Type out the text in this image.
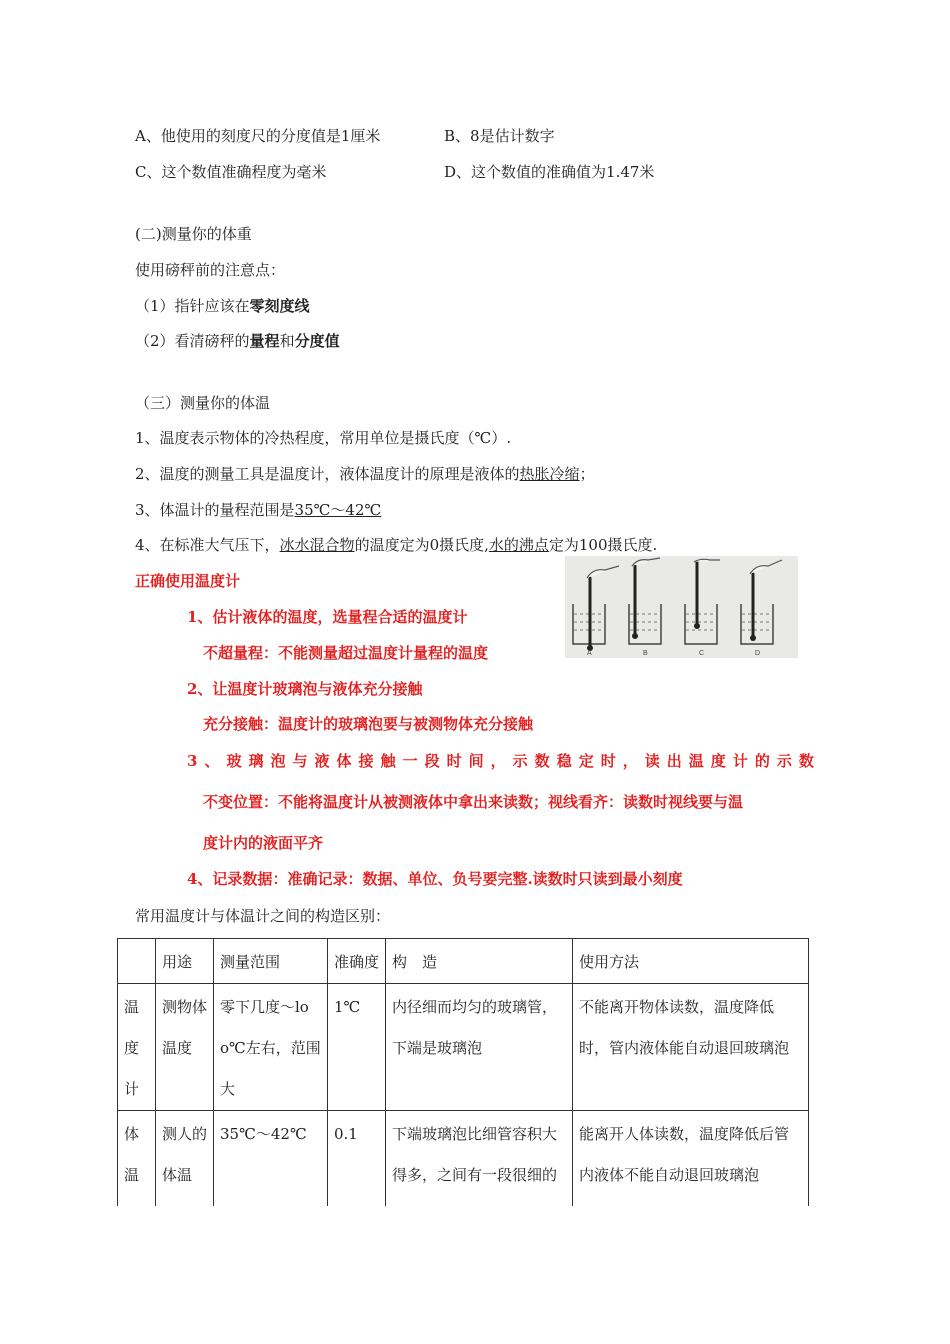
A、他使用的刻度尺的分度值是1厘米	B、8是估计数字
C、这个数值准确程度为毫米	D、这个数值的准确值为1.47米
(二)测量你的体重
使用磅秤前的注意点：
（1）指针应该在零刻度线
（2）看清磅秤的量程和分度值
（三）测量你的体温
1、温度表示物体的冷热程度，常用单位是摄氏度（℃）.
2、温度的测量工具是温度计，液体温度计的原理是液体的热胀冷缩；
3、体温计的量程范围是35℃～42℃
4、在标准大气压下，冰水混合物的温度定为0摄氏度,水的沸点定为100摄氏度.
正确使用温度计
1、估计液体的温度，选量程合适的温度计
不超量程：不能测量超过温度计量程的温度
2、让温度计玻璃泡与液体充分接触
充分接触：温度计的玻璃泡要与被测物体充分接触
3 、 玻 璃 泡 与 液 体 接 触 一 段 时 间 ， 示 数 稳 定 时 ， 读 出 温 度 计 的 示 数
不变位置：不能将温度计从被测液体中拿出来读数；视线看齐：读数时视线要与温
度计内的液面平齐
4、记录数据：准确记录：数据、单位、负号要完整.读数时只读到最小刻度
A	B	C	D
常用温度计与体温计之间的构造区别：
	用途	测量范围	准确度	构　造	使用方法
温度计	测物体温度	零下几度～loo℃左右，范围大	1℃	内径细而均匀的玻璃管，下端是玻璃泡	不能离开物体读数，温度降低时，管内液体能自动退回玻璃泡
体温	测人的体温	35℃～42℃	0.1	下端玻璃泡比细管容积大得多，之间有一段很细的	能离开人体读数，温度降低后管内液体不能自动退回玻璃泡
